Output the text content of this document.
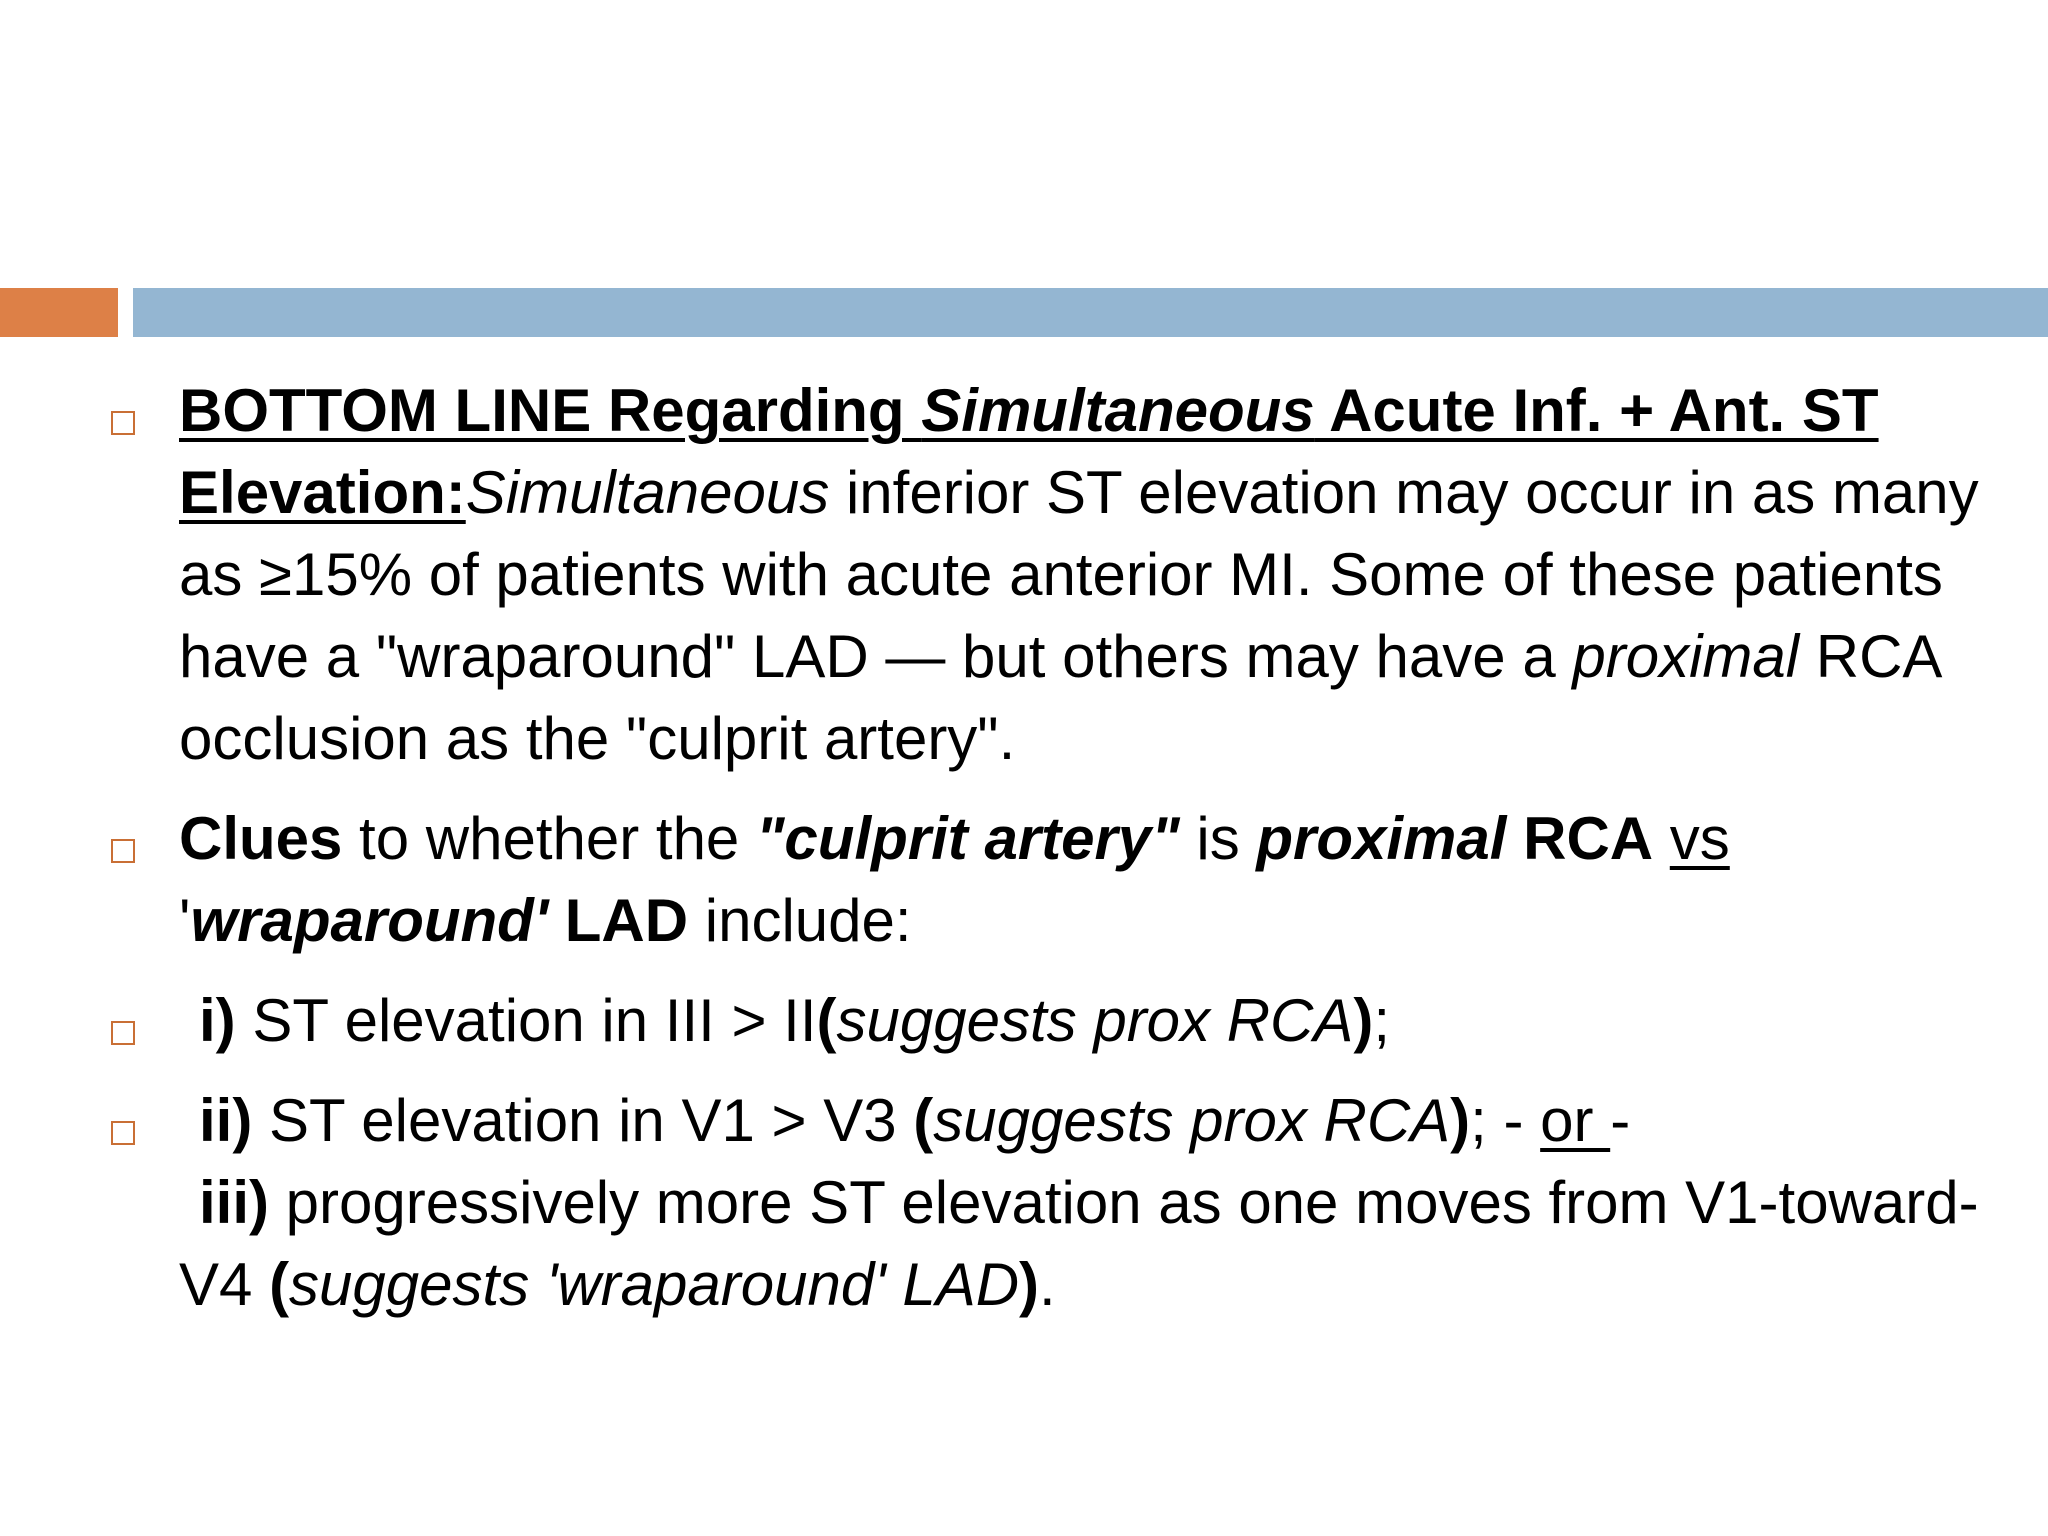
BOTTOM LINE Regarding Simultaneous Acute Inf. + Ant. ST Elevation:Simultaneous inferior ST elevation may occur in as many as ≥15% of patients with acute anterior MI. Some of these patients have a "wraparound" LAD — but others may have a proximal RCA occlusion as the "culprit artery".
Clues to whether the "culprit artery" is proximal RCA vs 'wraparound' LAD include:
i) ST elevation in III > II(suggests prox RCA);
ii) ST elevation in V1 > V3 (suggests prox RCA); - or -
iii) progressively more ST elevation as one moves from V1-toward-V4 (suggests 'wraparound' LAD).
